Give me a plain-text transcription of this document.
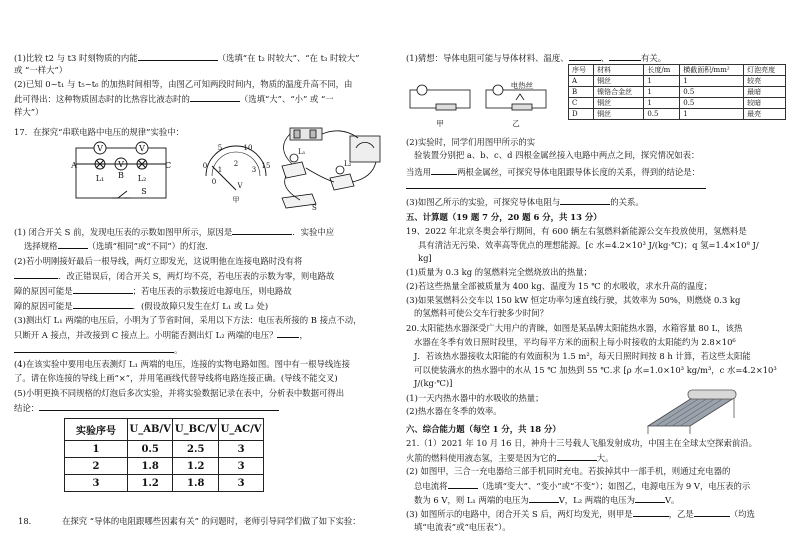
(1)比较 t2 与 t3 时刻物质的内能	（选填“在 t₂ 时较大”、“在 t₃ 时较大”
或 “一样大”）
(2)已知 0~t₁ 与 t₅~t₆ 的加热时间相等，由图乙可知两段时间内，物质的温度升高不同，由
此可得出：这种物质固态时的比热容比液态时的	（选填“大”、“小” 或 “一
样大”）
17．在探究“串联电路中电压的规律”实验中：
V	V
V
A
B
C
L₁	L₂
S
0
5	10
15
1
2
3
0	V
甲
L₁
L₂
S
(1) 闭合开关 S 前，发现电压表的示数如图甲所示，原因是	．实验中应
选择规格	（选填“相同”或“不同”）的灯泡．
(2)若小明刚接好最后一根导线，两灯立即发光，这说明他在连接电路时没有将
．改正错误后，闭合开关 S，两灯均不亮，若电压表的示数为零，则电路故
障的原因可能是	；若电压表的示数接近电源电压，则电路故
障的原因可能是	．(假设故障只发生在灯 L₁ 或 L₂ 处)
(3)测出灯 L₁ 两端的电压后，小明为了节省时间，采用以下方法：电压表所接的 B 接点不动，
只断开 A 接点，并改接到 C 接点上。小明能否测出灯 L₂ 两端的电压？	，
。
(4)在该实验中要用电压表测灯 L₁ 两端的电压，连接的实物电路如图。图中有一根导线连接
了。请在你连接的导线上画“×”，并用笔画线代替导线将电路连接正确。(导线不能交叉)
(5)小明更换不同规格的灯泡后多次实验，并将实验数据记录在表中，分析表中数据可得出
结论：
实验序号	U_AB/V	U_BC/V	U_AC/V
1	0.5	2.5	3
2	1.8	1.2	3
3	1.2	1.8	3
18．	在探究 “导体的电阻跟哪些因素有关” 的问题时，老师引导同学们做了如下实验：
(1)猜想：导体电阻可能与导体材料、温度、	、	有关。
甲	乙
电热丝
序号	材料	长度/m	横截面积/mm²	灯泡亮度
A	铜丝	1	1	较亮
B	镍铬合金丝	1	0.5	最暗
C	铜丝	1	0.5	较暗
D	铜丝	0.5	1	最亮
(2)实验时，同学们用图甲所示的实
验装置分别把 a、b、c、d 四根金属丝接入电路中两点之间，探究情况如表：
当选用	两根金属丝，可探究导体电阻跟导体长度的关系，得到的结论是：
(3)如图乙所示的实验，可探究导体电阻与	的关系。
五、计算题（19 题 7 分，20 题 6 分，共 13 分）
19、2022 年北京冬奥会举行期间，有 600 辆左右氢燃料新能源公交车投放使用，氢燃料是
具有清洁无污染、效率高等优点的理想能源。[c 水=4.2×10³ J/(kg·℃)；q 氢=1.4×10⁸ J/
kg]
(1)质量为 0.3 kg 的氢燃料完全燃烧放出的热量；
(2)若这些热量全部被质量为 400 kg、温度为 15 ℃ 的水吸收，求水升高的温度；
(3)如果氢燃料公交车以 150 kW 恒定功率匀速直线行驶，其效率为 50%，则燃烧 0.3 kg
的氢燃料可使公交车行驶多少时间？
20.太阳能热水器深受广大用户的青睐，如图是某品牌太阳能热水器，水箱容量 80 L，该热
水器在冬季有效日照时段里，平均每平方米的面积上每小时接收的太阳能约为 2.8×10⁶
J．若该热水器接收太阳能的有效面积为 1.5 m²，每天日照时间按 8 h 计算，若这些太阳能
可以使装满水的热水器中的水从 15 ℃ 加热到 55 ℃.求 [ρ 水=1.0×10³ kg/m³，c 水=4.2×10³
J/(kg·℃)]
(1)一天内热水器中的水吸收的热量；
(2)热水器在冬季的效率。
六、综合能力题（每空 1 分，共 18 分）
21.（1）2021 年 10 月 16 日，神舟十三号载人飞船发射成功，中国主在全球太空探索前沿。
火箭的燃料使用液态氢，主要是因为它的	大。
(2) 如图甲，三合一充电器给三部手机同时充电。若拔掉其中一部手机，则通过充电器的
总电流将	（选填“变大”、“变小”或“不变”）；如图乙，电源电压为 9 V，电压表的示
数为 6 V，则 L₁ 两端的电压为	V，L₂ 两端的电压为	V。
(3) 如图所示的电路中，闭合开关 S 后，两灯均发光，则甲是	，乙是	（均选
填“电流表”或“电压表”）。
